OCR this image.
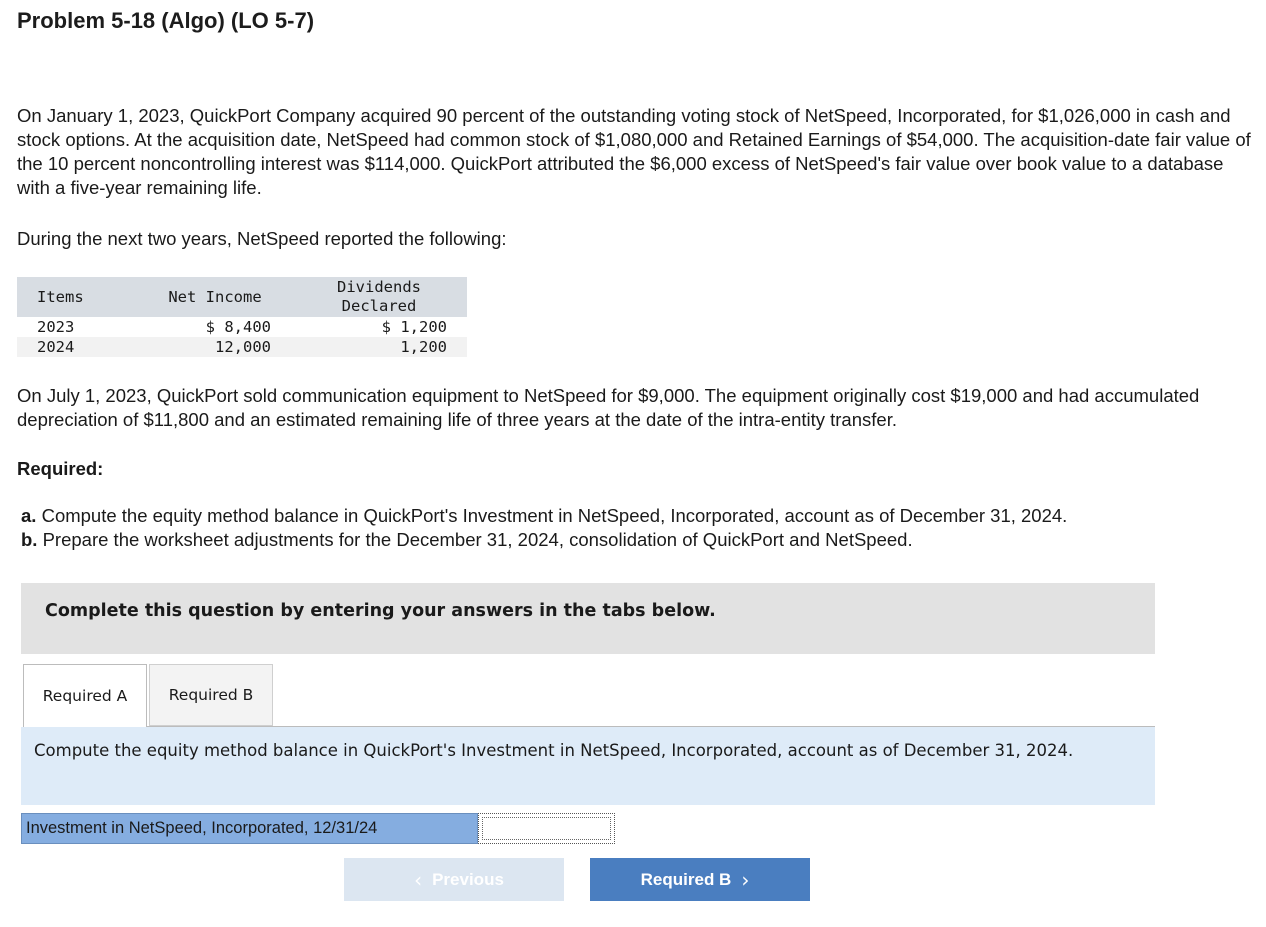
Problem 5-18 (Algo) (LO 5-7)
On January 1, 2023, QuickPort Company acquired 90 percent of the outstanding voting stock of NetSpeed, Incorporated, for $1,026,000 in cash and stock options. At the acquisition date, NetSpeed had common stock of $1,080,000 and Retained Earnings of $54,000. The acquisition-date fair value of the 10 percent noncontrolling interest was $114,000. QuickPort attributed the $6,000 excess of NetSpeed's fair value over book value to a database with a five-year remaining life.
During the next two years, NetSpeed reported the following:
Items	Net Income	Dividends
Declared
2023	$ 8,400	$ 1,200
2024	12,000	1,200
On July 1, 2023, QuickPort sold communication equipment to NetSpeed for $9,000. The equipment originally cost $19,000 and had accumulated depreciation of $11,800 and an estimated remaining life of three years at the date of the intra-entity transfer.
Required:
a. Compute the equity method balance in QuickPort's Investment in NetSpeed, Incorporated, account as of December 31, 2024.
b. Prepare the worksheet adjustments for the December 31, 2024, consolidation of QuickPort and NetSpeed.
Complete this question by entering your answers in the tabs below.
Required A	Required B
Compute the equity method balance in QuickPort's Investment in NetSpeed, Incorporated, account as of December 31, 2024.
Investment in NetSpeed, Incorporated, 12/31/24
‹ Previous	Required B ›
